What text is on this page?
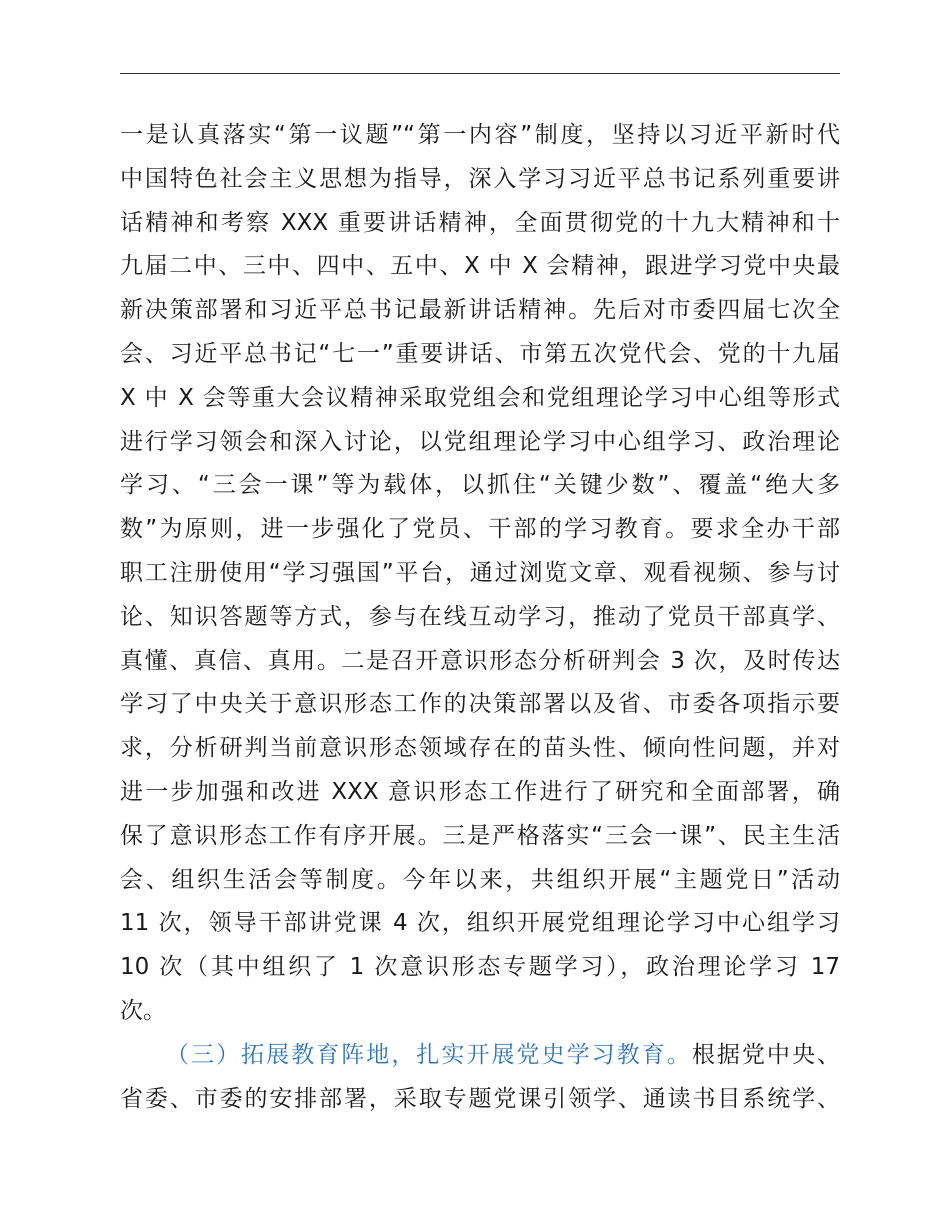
一是认真落实“第一议题”“第一内容”制度，坚持以习近平新时代
中国特色社会主义思想为指导，深入学习习近平总书记系列重要讲
话精神和考察 XXX 重要讲话精神，全面贯彻党的十九大精神和十
九届二中、三中、四中、五中、X 中 X 会精神，跟进学习党中央最
新决策部署和习近平总书记最新讲话精神。先后对市委四届七次全
会、习近平总书记“七一”重要讲话、市第五次党代会、党的十九届
X 中 X 会等重大会议精神采取党组会和党组理论学习中心组等形式
进行学习领会和深入讨论，以党组理论学习中心组学习、政治理论
学习、“三会一课”等为载体，以抓住“关键少数”、覆盖“绝大多
数”为原则，进一步强化了党员、干部的学习教育。要求全办干部
职工注册使用“学习强国”平台，通过浏览文章、观看视频、参与讨
论、知识答题等方式，参与在线互动学习，推动了党员干部真学、
真懂、真信、真用。二是召开意识形态分析研判会 3 次，及时传达
学习了中央关于意识形态工作的决策部署以及省、市委各项指示要
求，分析研判当前意识形态领域存在的苗头性、倾向性问题，并对
进一步加强和改进 XXX 意识形态工作进行了研究和全面部署，确
保了意识形态工作有序开展。三是严格落实“三会一课”、民主生活
会、组织生活会等制度。今年以来，共组织开展“主题党日”活动
11 次，领导干部讲党课 4 次，组织开展党组理论学习中心组学习
10 次（其中组织了 1 次意识形态专题学习），政治理论学习 17
次。
（三）拓展教育阵地，扎实开展党史学习教育。根据党中央、
省委、市委的安排部署，采取专题党课引领学、通读书目系统学、
